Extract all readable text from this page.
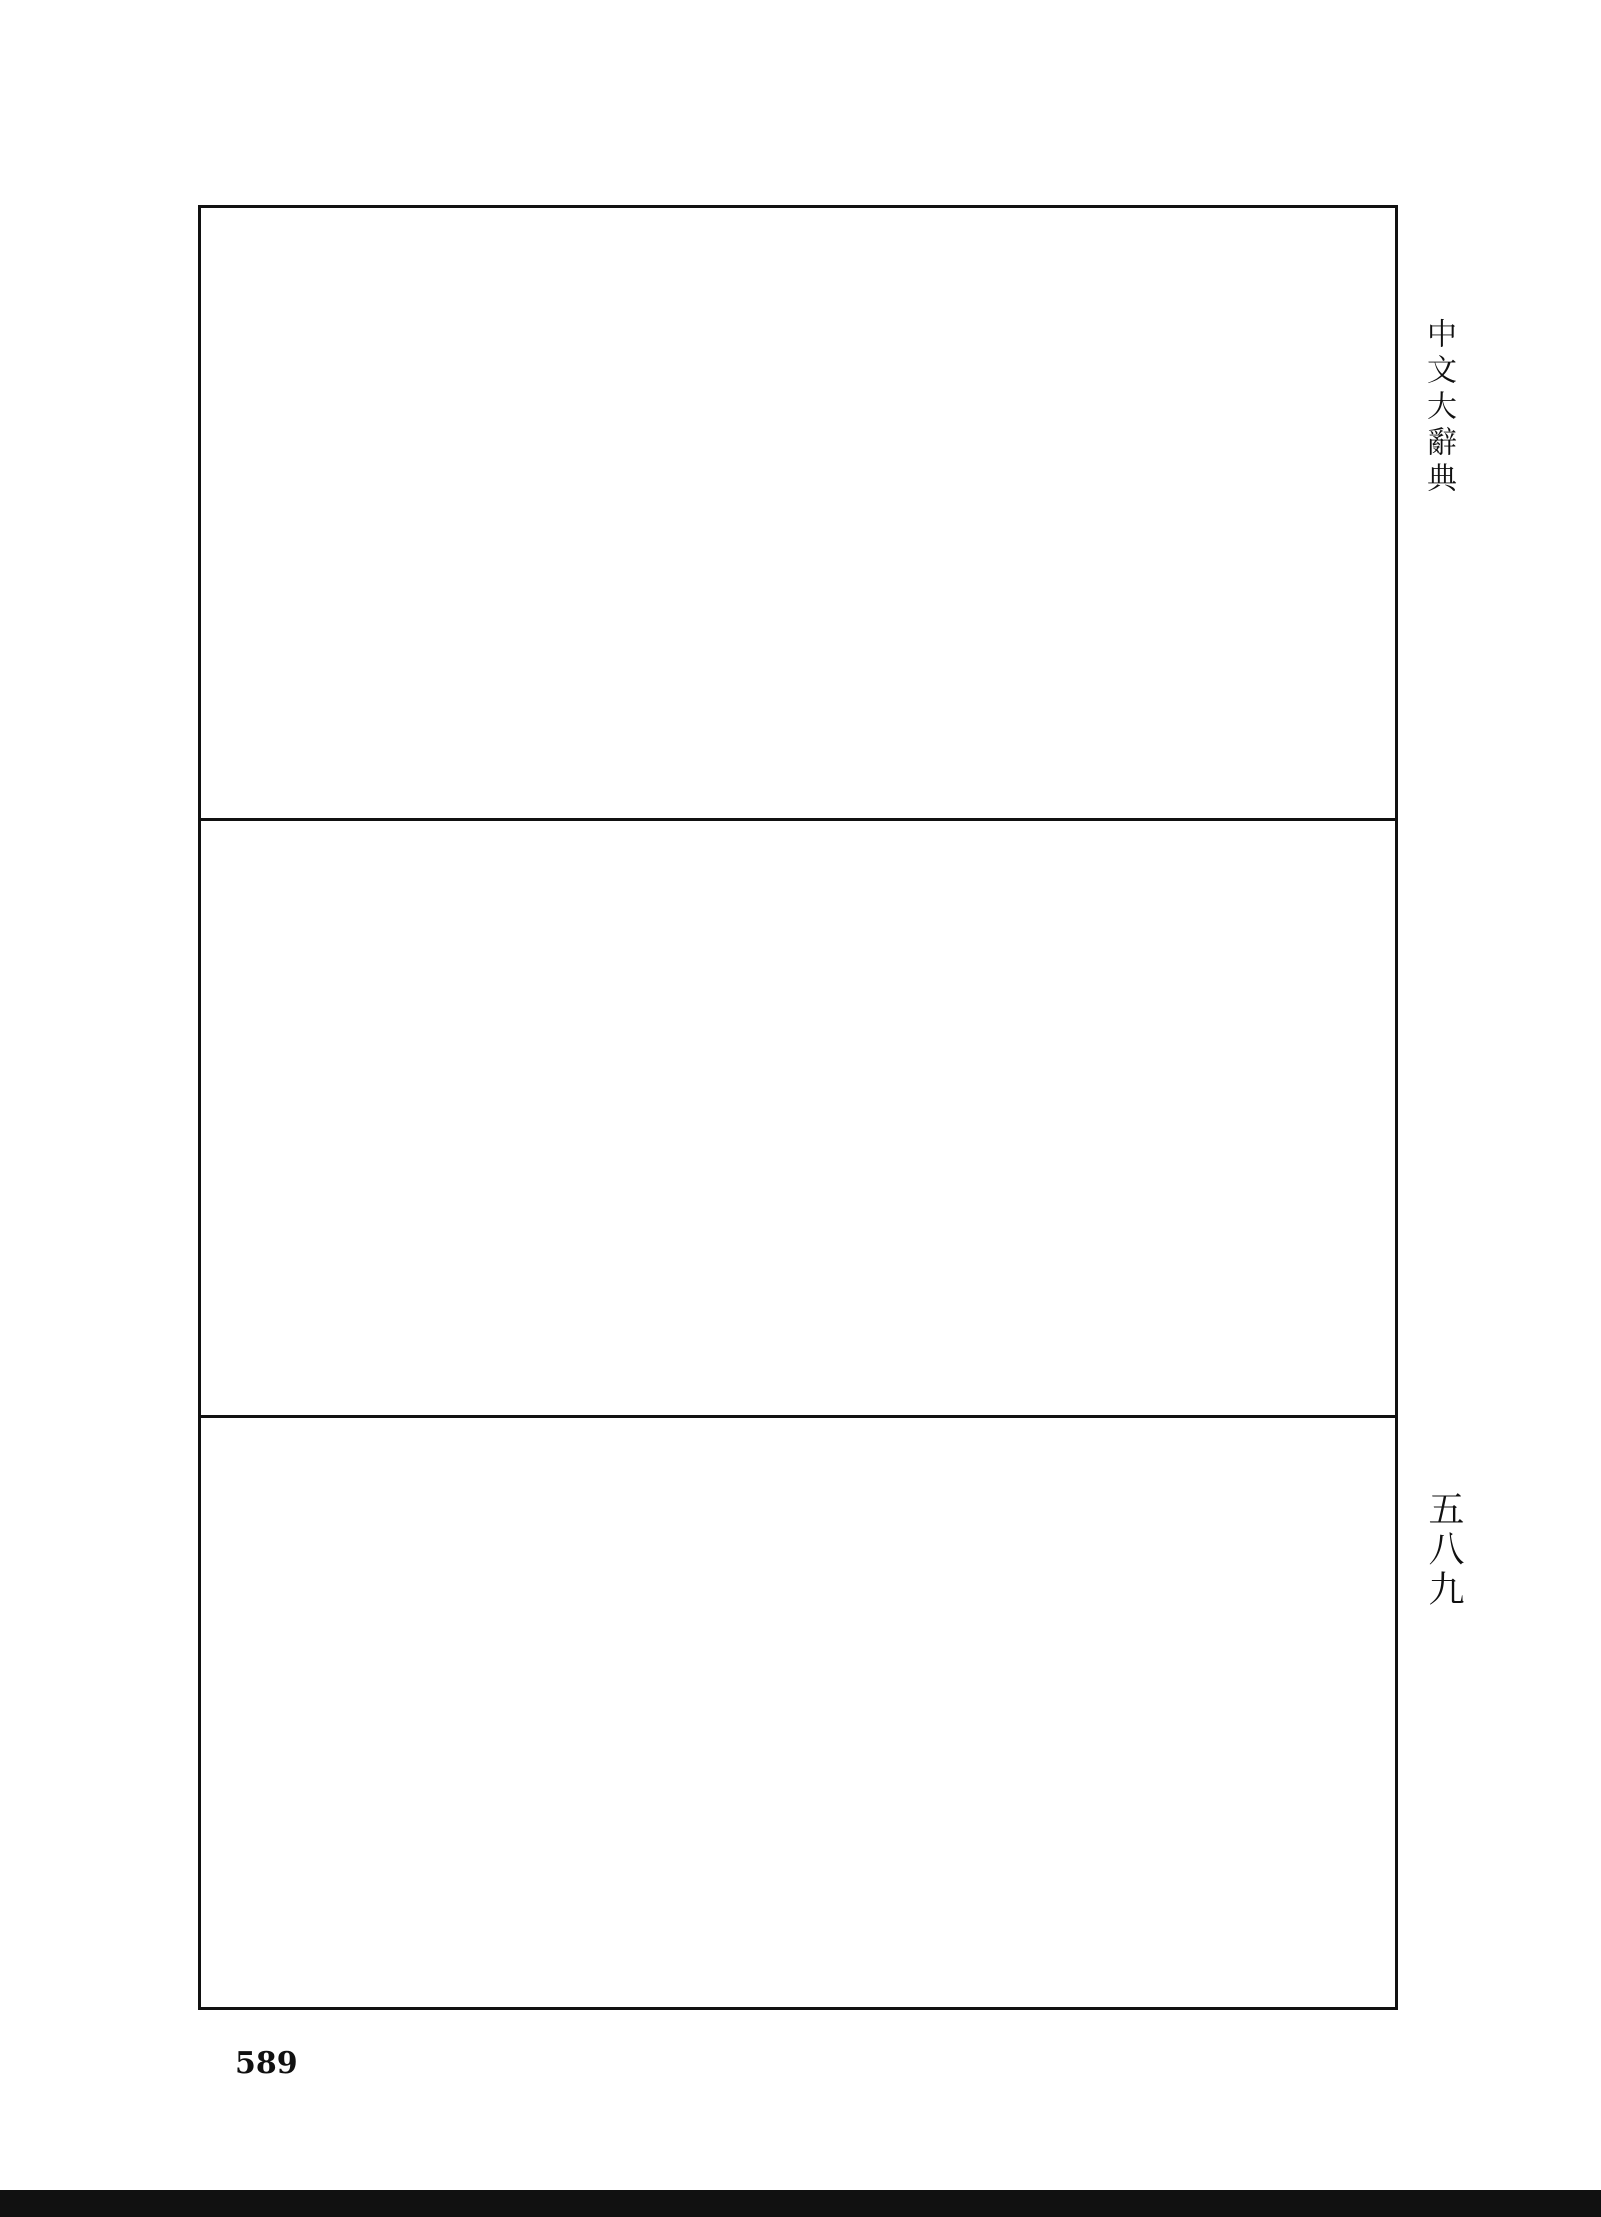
中文大辭典
五八九
589
